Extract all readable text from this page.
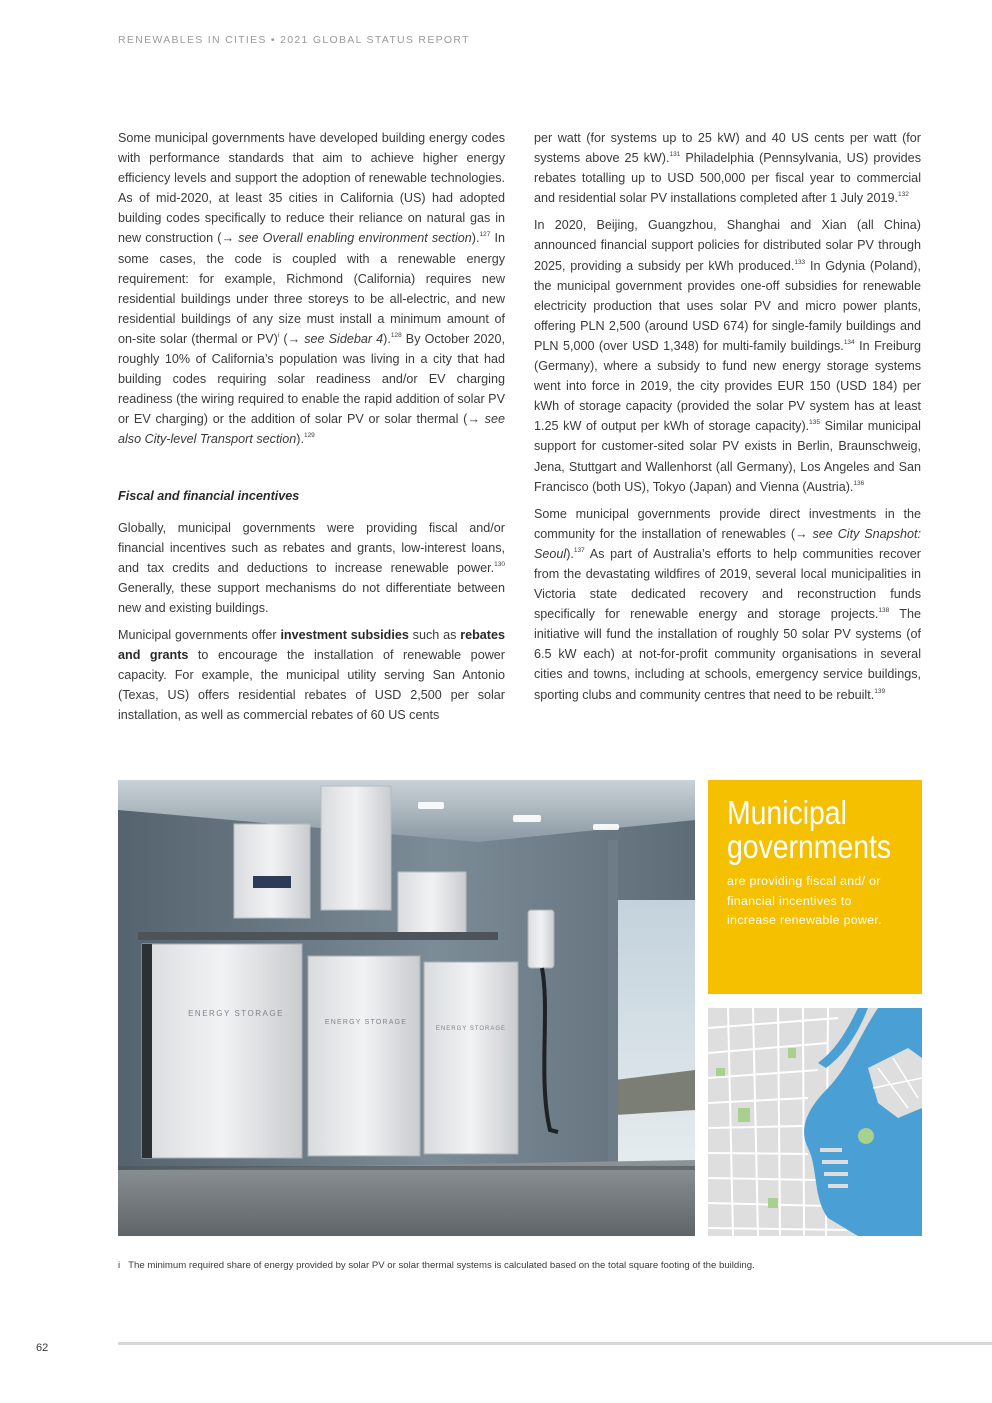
RENEWABLES IN CITIES • 2021 GLOBAL STATUS REPORT

Some municipal governments have developed building energy codes with performance standards that aim to achieve higher energy efficiency levels and support the adoption of renewable technologies. As of mid-2020, at least 35 cities in California (US) had adopted building codes specifically to reduce their reliance on natural gas in new construction (→ see Overall enabling environment section).$^{127}$ In some cases, the code is coupled with a renewable energy requirement: for example, Richmond (California) requires new residential buildings under three storeys to be all-electric, and new residential buildings of any size must install a minimum amount of on-site solar (thermal or PV)$^i$ (→ see Sidebar 4).$^{128}$ By October 2020, roughly 10% of California’s population was living in a city that had building codes requiring solar readiness and/or EV charging readiness (the wiring required to enable the rapid addition of solar PV or EV charging) or the addition of solar PV or solar thermal (→ see also City-level Transport section).$^{129}$

Fiscal and financial incentives

Globally, municipal governments were providing fiscal and/or financial incentives such as rebates and grants, low-interest loans, and tax credits and deductions to increase renewable power.$^{130}$ Generally, these support mechanisms do not differentiate between new and existing buildings.

Municipal governments offer investment subsidies such as rebates and grants to encourage the installation of renewable power capacity. For example, the municipal utility serving San Antonio (Texas, US) offers residential rebates of USD 2,500 per solar installation, as well as commercial rebates of 60 US cents

per watt (for systems up to 25 kW) and 40 US cents per watt (for systems above 25 kW).$^{131}$ Philadelphia (Pennsylvania, US) provides rebates totalling up to USD 500,000 per fiscal year to commercial and residential solar PV installations completed after 1 July 2019.$^{132}$

In 2020, Beijing, Guangzhou, Shanghai and Xian (all China) announced financial support policies for distributed solar PV through 2025, providing a subsidy per kWh produced.$^{133}$ In Gdynia (Poland), the municipal government provides one-off subsidies for renewable electricity production that uses solar PV and micro power plants, offering PLN 2,500 (around USD 674) for single-family buildings and PLN 5,000 (over USD 1,348) for multi-family buildings.$^{134}$ In Freiburg (Germany), where a subsidy to fund new energy storage systems went into force in 2019, the city provides EUR 150 (USD 184) per kWh of storage capacity (provided the solar PV system has at least 1.25 kW of output per kWh of storage capacity).$^{135}$ Similar municipal support for customer-sited solar PV exists in Berlin, Braunschweig, Jena, Stuttgart and Wallenhorst (all Germany), Los Angeles and San Francisco (both US), Tokyo (Japan) and Vienna (Austria).$^{136}$

Some municipal governments provide direct investments in the community for the installation of renewables (→ see City Snapshot: Seoul).$^{137}$ As part of Australia’s efforts to help communities recover from the devastating wildfires of 2019, several local municipalities in Victoria state dedicated recovery and reconstruction funds specifically for renewable energy and storage projects.$^{138}$ The initiative will fund the installation of roughly 50 solar PV systems (of 6.5 kW each) at not-for-profit community organisations in several cities and towns, including at schools, emergency service buildings, sporting clubs and community centres that need to be rebuilt.$^{139}$

ENERGY STORAGE
ENERGY STORAGE
ENERGY STORAGE
Municipal
governments
are providing fiscal and/ or financial incentives to increase renewable power.
i The minimum required share of energy provided by solar PV or solar thermal systems is calculated based on the total square footing of the building.
62
